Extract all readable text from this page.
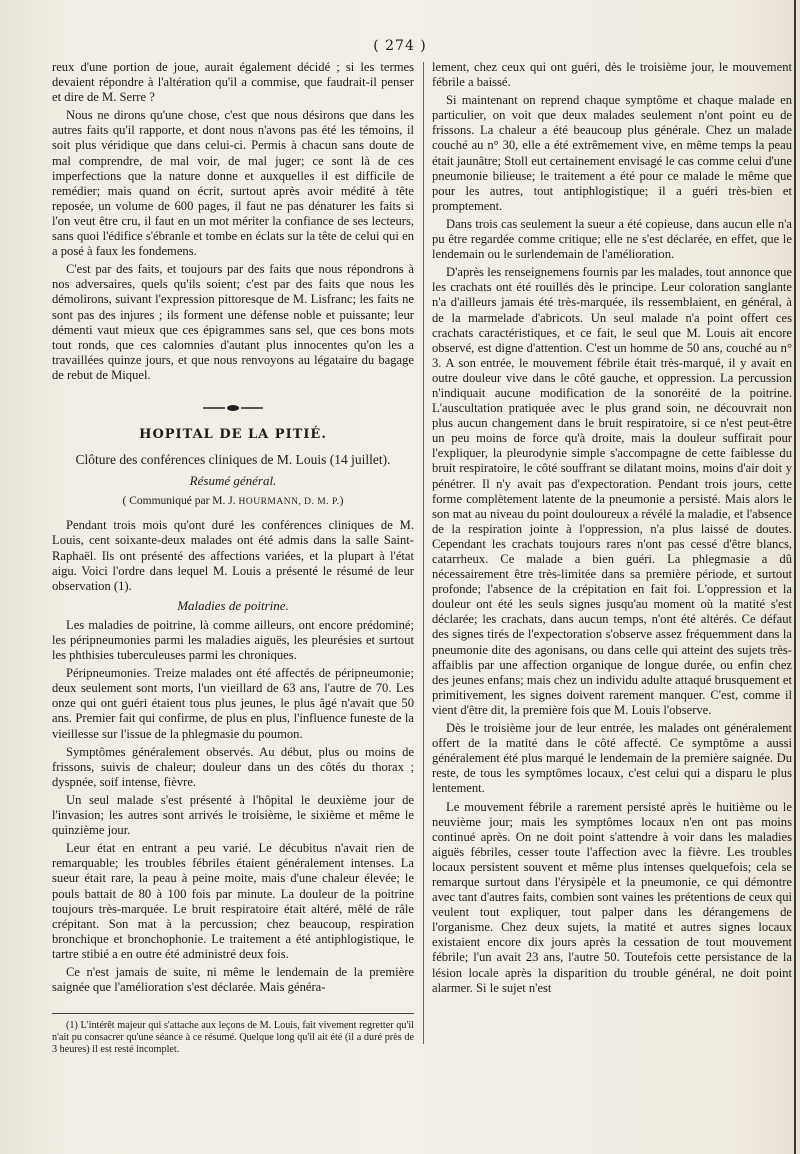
( 274 )

reux d'une portion de joue, aurait également décidé ; si les termes devaient répondre à l'altération qu'il a commise, que faudrait-il penser et dire de M. Serre ?

Nous ne dirons qu'une chose, c'est que nous désirons que dans les autres faits qu'il rapporte, et dont nous n'avons pas été les témoins, il soit plus véridique que dans celui-ci. Permis à chacun sans doute de mal comprendre, de mal voir, de mal juger; ce sont là de ces imperfections que la nature donne et auxquelles il est difficile de remédier; mais quand on écrit, surtout après avoir médité à tête reposée, un volume de 600 pages, il faut ne pas dénaturer les faits si l'on veut être cru, il faut en un mot mériter la confiance de ses lecteurs, sans quoi l'édifice s'ébranle et tombe en éclats sur la tête de celui qui en a posé à faux les fondemens.

C'est par des faits, et toujours par des faits que nous répondrons à nos adversaires, quels qu'ils soient; c'est par des faits que nous les démolirons, suivant l'expression pittoresque de M. Lisfranc; les faits ne sont pas des injures ; ils forment une défense noble et puissante; leur démenti vaut mieux que ces épigrammes sans sel, que ces bons mots tout ronds, que ces calomnies d'autant plus innocentes qu'on les a travaillées quinze jours, et que nous renvoyons au légataire du bagage de rebut de Miquel.

HOPITAL DE LA PITIÉ.
Clôture des conférences cliniques de M. Louis (14 juillet).
Résumé général.
( Communiqué par M. J. HOURMANN, D. M. P.)

Pendant trois mois qu'ont duré les conférences cliniques de M. Louis, cent soixante-deux malades ont été admis dans la salle Saint-Raphaël. Ils ont présenté des affections variées, et la plupart à l'état aigu. Voici l'ordre dans lequel M. Louis a présenté le résumé de leur observation (1).

Maladies de poitrine.

Les maladies de poitrine, là comme ailleurs, ont encore prédominé; les péripneumonies parmi les maladies aiguës, les pleurésies et surtout les phthisies tuberculeuses parmi les chroniques.

Péripneumonies. Treize malades ont été affectés de péripneumonie; deux seulement sont morts, l'un vieillard de 63 ans, l'autre de 70. Les onze qui ont guéri étaient tous plus jeunes, le plus âgé n'avait que 50 ans. Premier fait qui confirme, de plus en plus, l'influence funeste de la vieillesse sur l'issue de la phlegmasie du poumon.

Symptômes généralement observés. Au début, plus ou moins de frissons, suivis de chaleur; douleur dans un des côtés du thorax ; dyspnée, soif intense, fièvre.

Un seul malade s'est présenté à l'hôpital le deuxième jour de l'invasion; les autres sont arrivés le troisième, le sixième et même le quinzième jour.

Leur état en entrant a peu varié. Le décubitus n'avait rien de remarquable; les troubles fébriles étaient généralement intenses. La sueur était rare, la peau à peine moite, mais d'une chaleur élevée; le pouls battait de 80 à 100 fois par minute. La douleur de la poitrine toujours très-marquée. Le bruit respiratoire était altéré, mêlé de râle crépitant. Son mat à la percussion; chez beaucoup, respiration bronchique et bronchophonie. Le traitement a été antiphlogistique, le tartre stibié a en outre été administré deux fois.

Ce n'est jamais de suite, ni même le lendemain de la première saignée que l'amélioration s'est déclarée. Mais généra-

(1) L'intérêt majeur qui s'attache aux leçons de M. Louis, fait vivement regretter qu'il n'ait pu consacrer qu'une séance à ce résumé. Quelque long qu'il ait été (il a duré près de 3 heures) il est resté incomplet.

lement, chez ceux qui ont guéri, dès le troisième jour, le mouvement fébrile a baissé.

Si maintenant on reprend chaque symptôme et chaque malade en particulier, on voit que deux malades seulement n'ont point eu de frissons. La chaleur a été beaucoup plus générale. Chez un malade couché au n° 30, elle a été extrêmement vive, en même temps la peau était jaunâtre; Stoll eut certainement envisagé le cas comme celui d'une pneumonie bilieuse; le traitement a été pour ce malade le même que pour les autres, tout antiphlogistique; il a guéri très-bien et promptement.

Dans trois cas seulement la sueur a été copieuse, dans aucun elle n'a pu être regardée comme critique; elle ne s'est déclarée, en effet, que le lendemain ou le surlendemain de l'amélioration.

D'après les renseignemens fournis par les malades, tout annonce que les crachats ont été rouillés dès le principe. Leur coloration sanglante n'a d'ailleurs jamais été très-marquée, ils ressemblaient, en général, à de la marmelade d'abricots. Un seul malade n'a point offert ces crachats caractéristiques, et ce fait, le seul que M. Louis ait encore observé, est digne d'attention. C'est un homme de 50 ans, couché au n° 3. A son entrée, le mouvement fébrile était très-marqué, il y avait en outre douleur vive dans le côté gauche, et oppression. La percussion n'indiquait aucune modification de la sonoréité de la poitrine. L'auscultation pratiquée avec le plus grand soin, ne découvrait non plus aucun changement dans le bruit respiratoire, si ce n'est peut-être un peu moins de force qu'à droite, mais la douleur suffirait pour l'expliquer, la pleurodynie simple s'accompagne de cette faiblesse du bruit respiratoire, le côté souffrant se dilatant moins, moins d'air doit y pénétrer. Il n'y avait pas d'expectoration. Pendant trois jours, cette forme complètement latente de la pneumonie a persisté. Mais alors le son mat au niveau du point douloureux a révélé la maladie, et l'absence de la respiration jointe à l'oppression, n'a plus laissé de doutes. Cependant les crachats toujours rares n'ont pas cessé d'être blancs, catarrheux. Ce malade a bien guéri. La phlegmasie a dû nécessairement être très-limitée dans sa première période, et surtout profonde; l'absence de la crépitation en fait foi. L'oppression et la douleur ont été les seuls signes jusqu'au moment où la matité s'est déclarée; les crachats, dans aucun temps, n'ont été altérés. Ce défaut des signes tirés de l'expectoration s'observe assez fréquemment dans la pneumonie dite des agonisans, ou dans celle qui atteint des sujets très-affaiblis par une affection organique de longue durée, ou enfin chez des jeunes enfans; mais chez un individu adulte attaqué brusquement et primitivement, les signes doivent rarement manquer. C'est, comme il vient d'être dit, la première fois que M. Louis l'observe.

Dès le troisième jour de leur entrée, les malades ont généralement offert de la matité dans le côté affecté. Ce symptôme a aussi généralement été plus marqué le lendemain de la première saignée. Du reste, de tous les symptômes locaux, c'est celui qui a disparu le plus lentement.

Le mouvement fébrile a rarement persisté après le huitième ou le neuvième jour; mais les symptômes locaux n'en ont pas moins continué après. On ne doit point s'attendre à voir dans les maladies aiguës fébriles, cesser toute l'affection avec la fièvre. Les troubles locaux persistent souvent et même plus intenses quelquefois; cela se remarque surtout dans l'érysipèle et la pneumonie, ce qui démontre avec tant d'autres faits, combien sont vaines les prétentions de ceux qui veulent tout expliquer, tout palper dans les dérangemens de l'organisme. Chez deux sujets, la matité et autres signes locaux existaient encore dix jours après la cessation de tout mouvement fébrile; l'un avait 23 ans, l'autre 50. Toutefois cette persistance de la lésion locale après la disparition du trouble général, ne doit point alarmer. Si le sujet n'est
